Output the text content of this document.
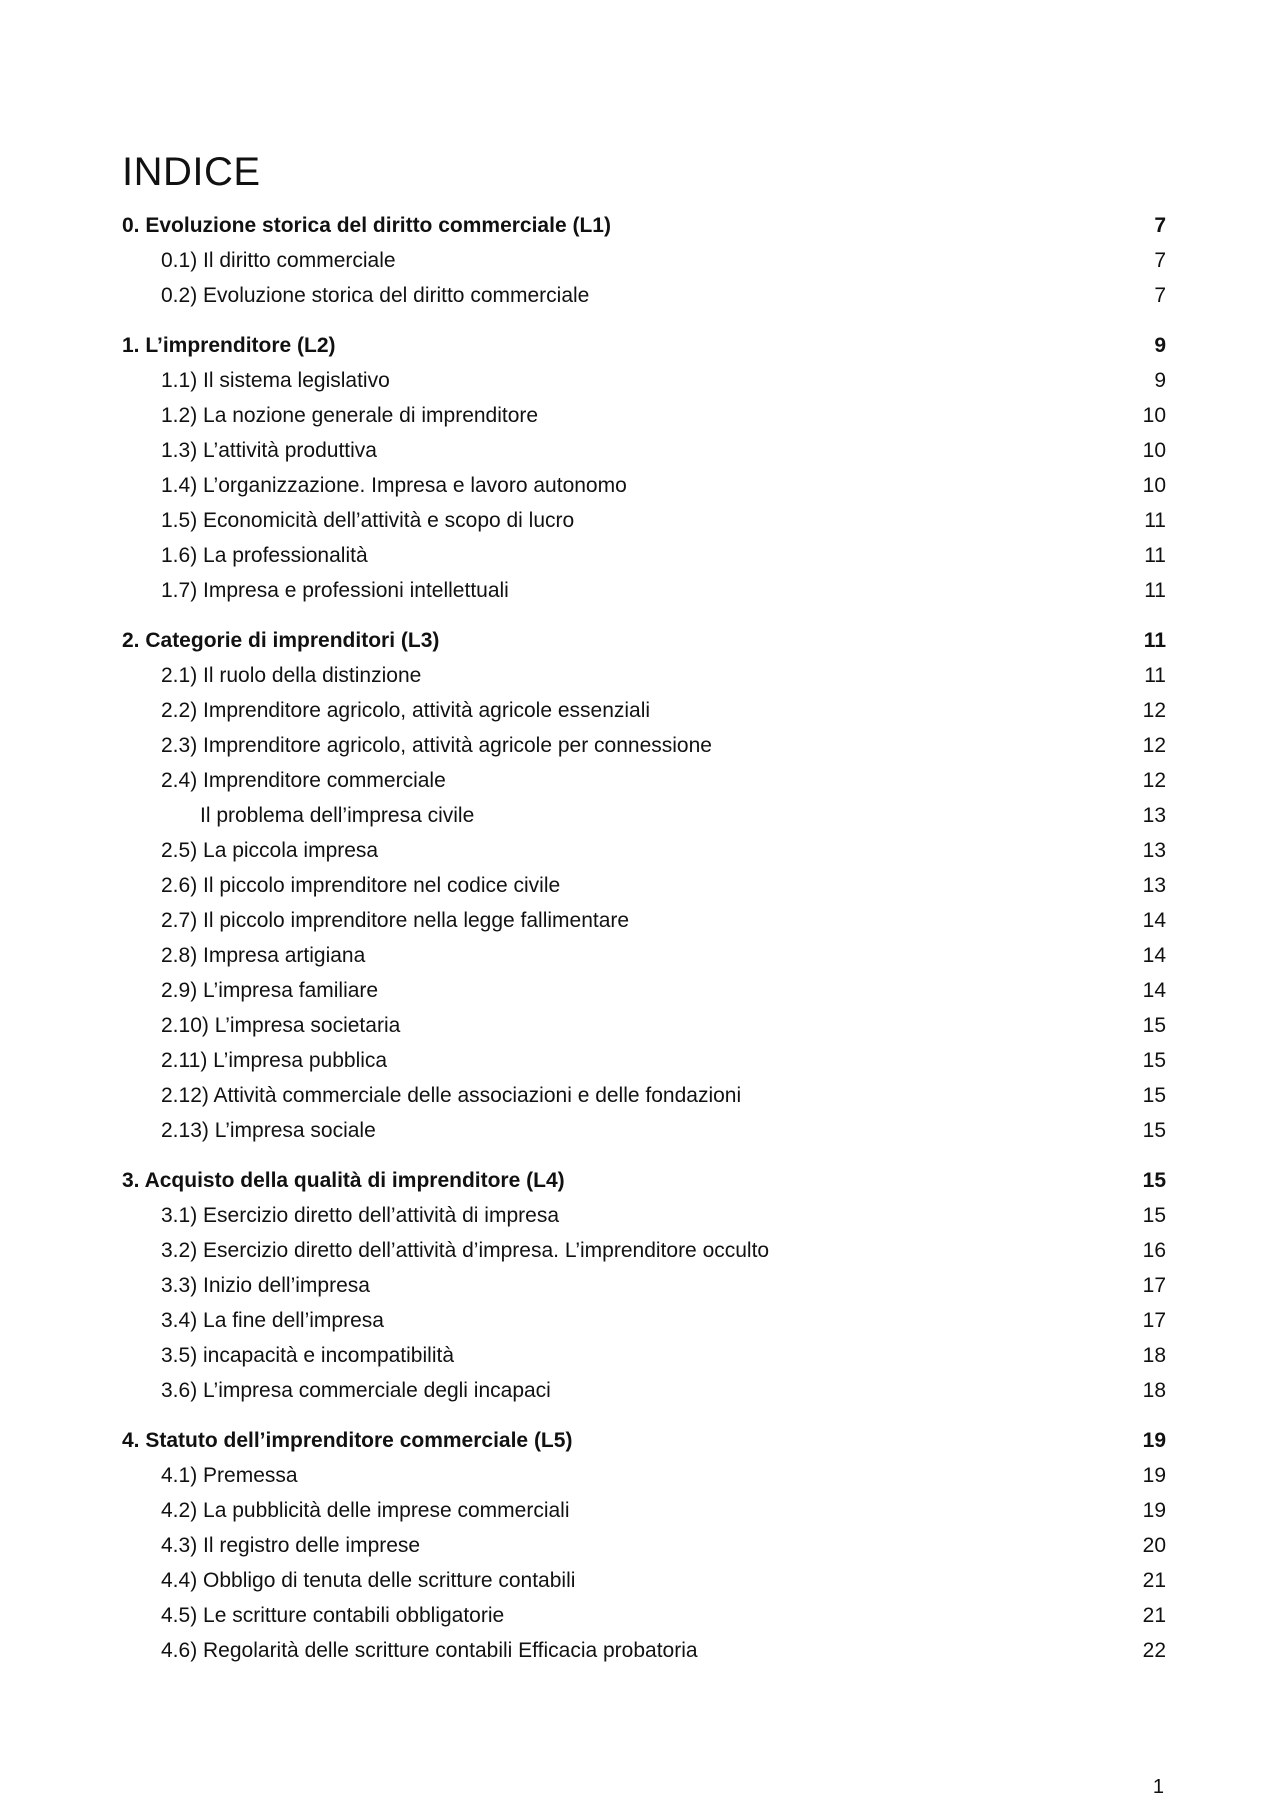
INDICE
0. Evoluzione storica del diritto commerciale (L1)	7
0.1) Il diritto commerciale	7
0.2) Evoluzione storica del diritto commerciale	7
1. L’imprenditore (L2)	9
1.1) Il sistema legislativo	9
1.2) La nozione generale di imprenditore	10
1.3) L’attività produttiva	10
1.4) L’organizzazione. Impresa e lavoro autonomo	10
1.5) Economicità dell’attività e scopo di lucro	11
1.6) La professionalità	11
1.7) Impresa e professioni intellettuali	11
2. Categorie di imprenditori (L3)	11
2.1) Il ruolo della distinzione	11
2.2) Imprenditore agricolo, attività agricole essenziali	12
2.3) Imprenditore agricolo, attività agricole per connessione	12
2.4) Imprenditore commerciale	12
Il problema dell’impresa civile	13
2.5) La piccola impresa	13
2.6) Il piccolo imprenditore nel codice civile	13
2.7) Il piccolo imprenditore nella legge fallimentare	14
2.8) Impresa artigiana	14
2.9) L’impresa familiare	14
2.10) L’impresa societaria	15
2.11) L’impresa pubblica	15
2.12) Attività commerciale delle associazioni e delle fondazioni	15
2.13) L’impresa sociale	15
3. Acquisto della qualità di imprenditore (L4)	15
3.1) Esercizio diretto dell’attività di impresa	15
3.2) Esercizio diretto dell’attività d’impresa. L’imprenditore occulto	16
3.3) Inizio dell’impresa	17
3.4) La fine dell’impresa	17
3.5) incapacità e incompatibilità	18
3.6) L’impresa commerciale degli incapaci	18
4. Statuto dell’imprenditore commerciale (L5)	19
4.1) Premessa	19
4.2) La pubblicità delle imprese commerciali	19
4.3) Il registro delle imprese	20
4.4) Obbligo di tenuta delle scritture contabili	21
4.5) Le scritture contabili obbligatorie	21
4.6) Regolarità delle scritture contabili Efficacia probatoria	22
1
